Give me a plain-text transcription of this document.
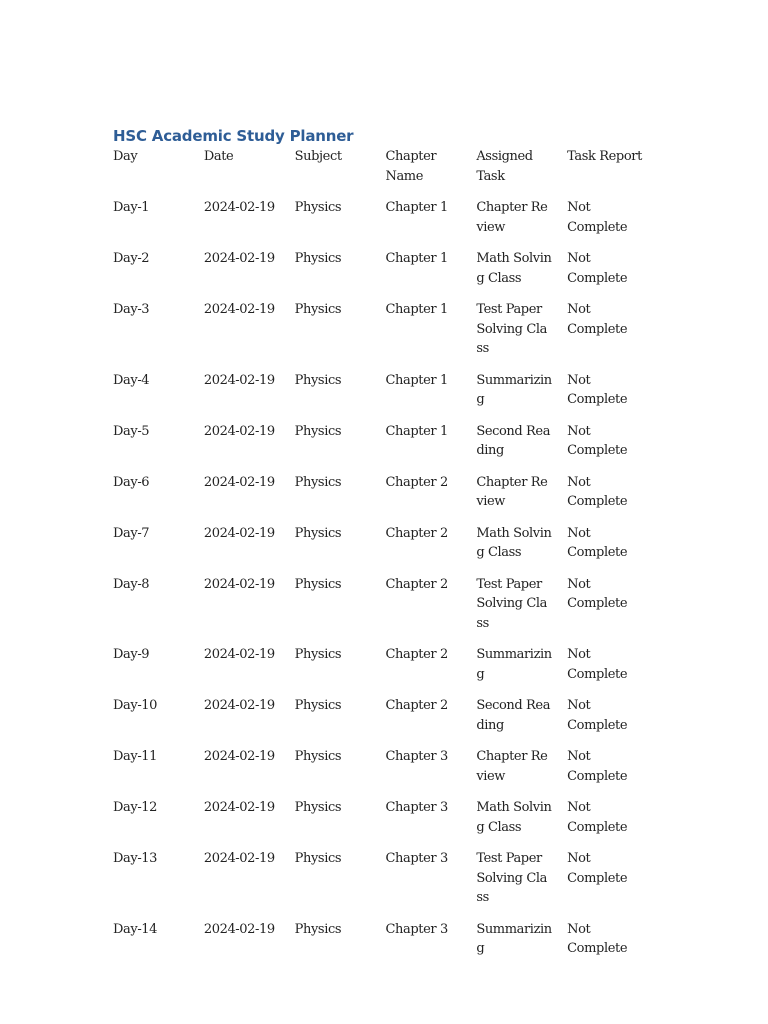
HSC Academic Study Planner
Day	Date	Subject	Chapter Name	Assigned Task	Task Report

Day-1	2024-02-19	Physics	Chapter 1	Chapter Review	Not Complete

Day-2	2024-02-19	Physics	Chapter 1	Math Solving Class	Not Complete

Day-3	2024-02-19	Physics	Chapter 1	Test Paper Solving Class	Not Complete

Day-4	2024-02-19	Physics	Chapter 1	Summarizing	Not Complete

Day-5	2024-02-19	Physics	Chapter 1	Second Reading	Not Complete

Day-6	2024-02-19	Physics	Chapter 2	Chapter Review	Not Complete

Day-7	2024-02-19	Physics	Chapter 2	Math Solving Class	Not Complete

Day-8	2024-02-19	Physics	Chapter 2	Test Paper Solving Class	Not Complete

Day-9	2024-02-19	Physics	Chapter 2	Summarizing	Not Complete

Day-10	2024-02-19	Physics	Chapter 2	Second Reading	Not Complete

Day-11	2024-02-19	Physics	Chapter 3	Chapter Review	Not Complete

Day-12	2024-02-19	Physics	Chapter 3	Math Solving Class	Not Complete

Day-13	2024-02-19	Physics	Chapter 3	Test Paper Solving Class	Not Complete

Day-14	2024-02-19	Physics	Chapter 3	Summarizing	Not Complete
